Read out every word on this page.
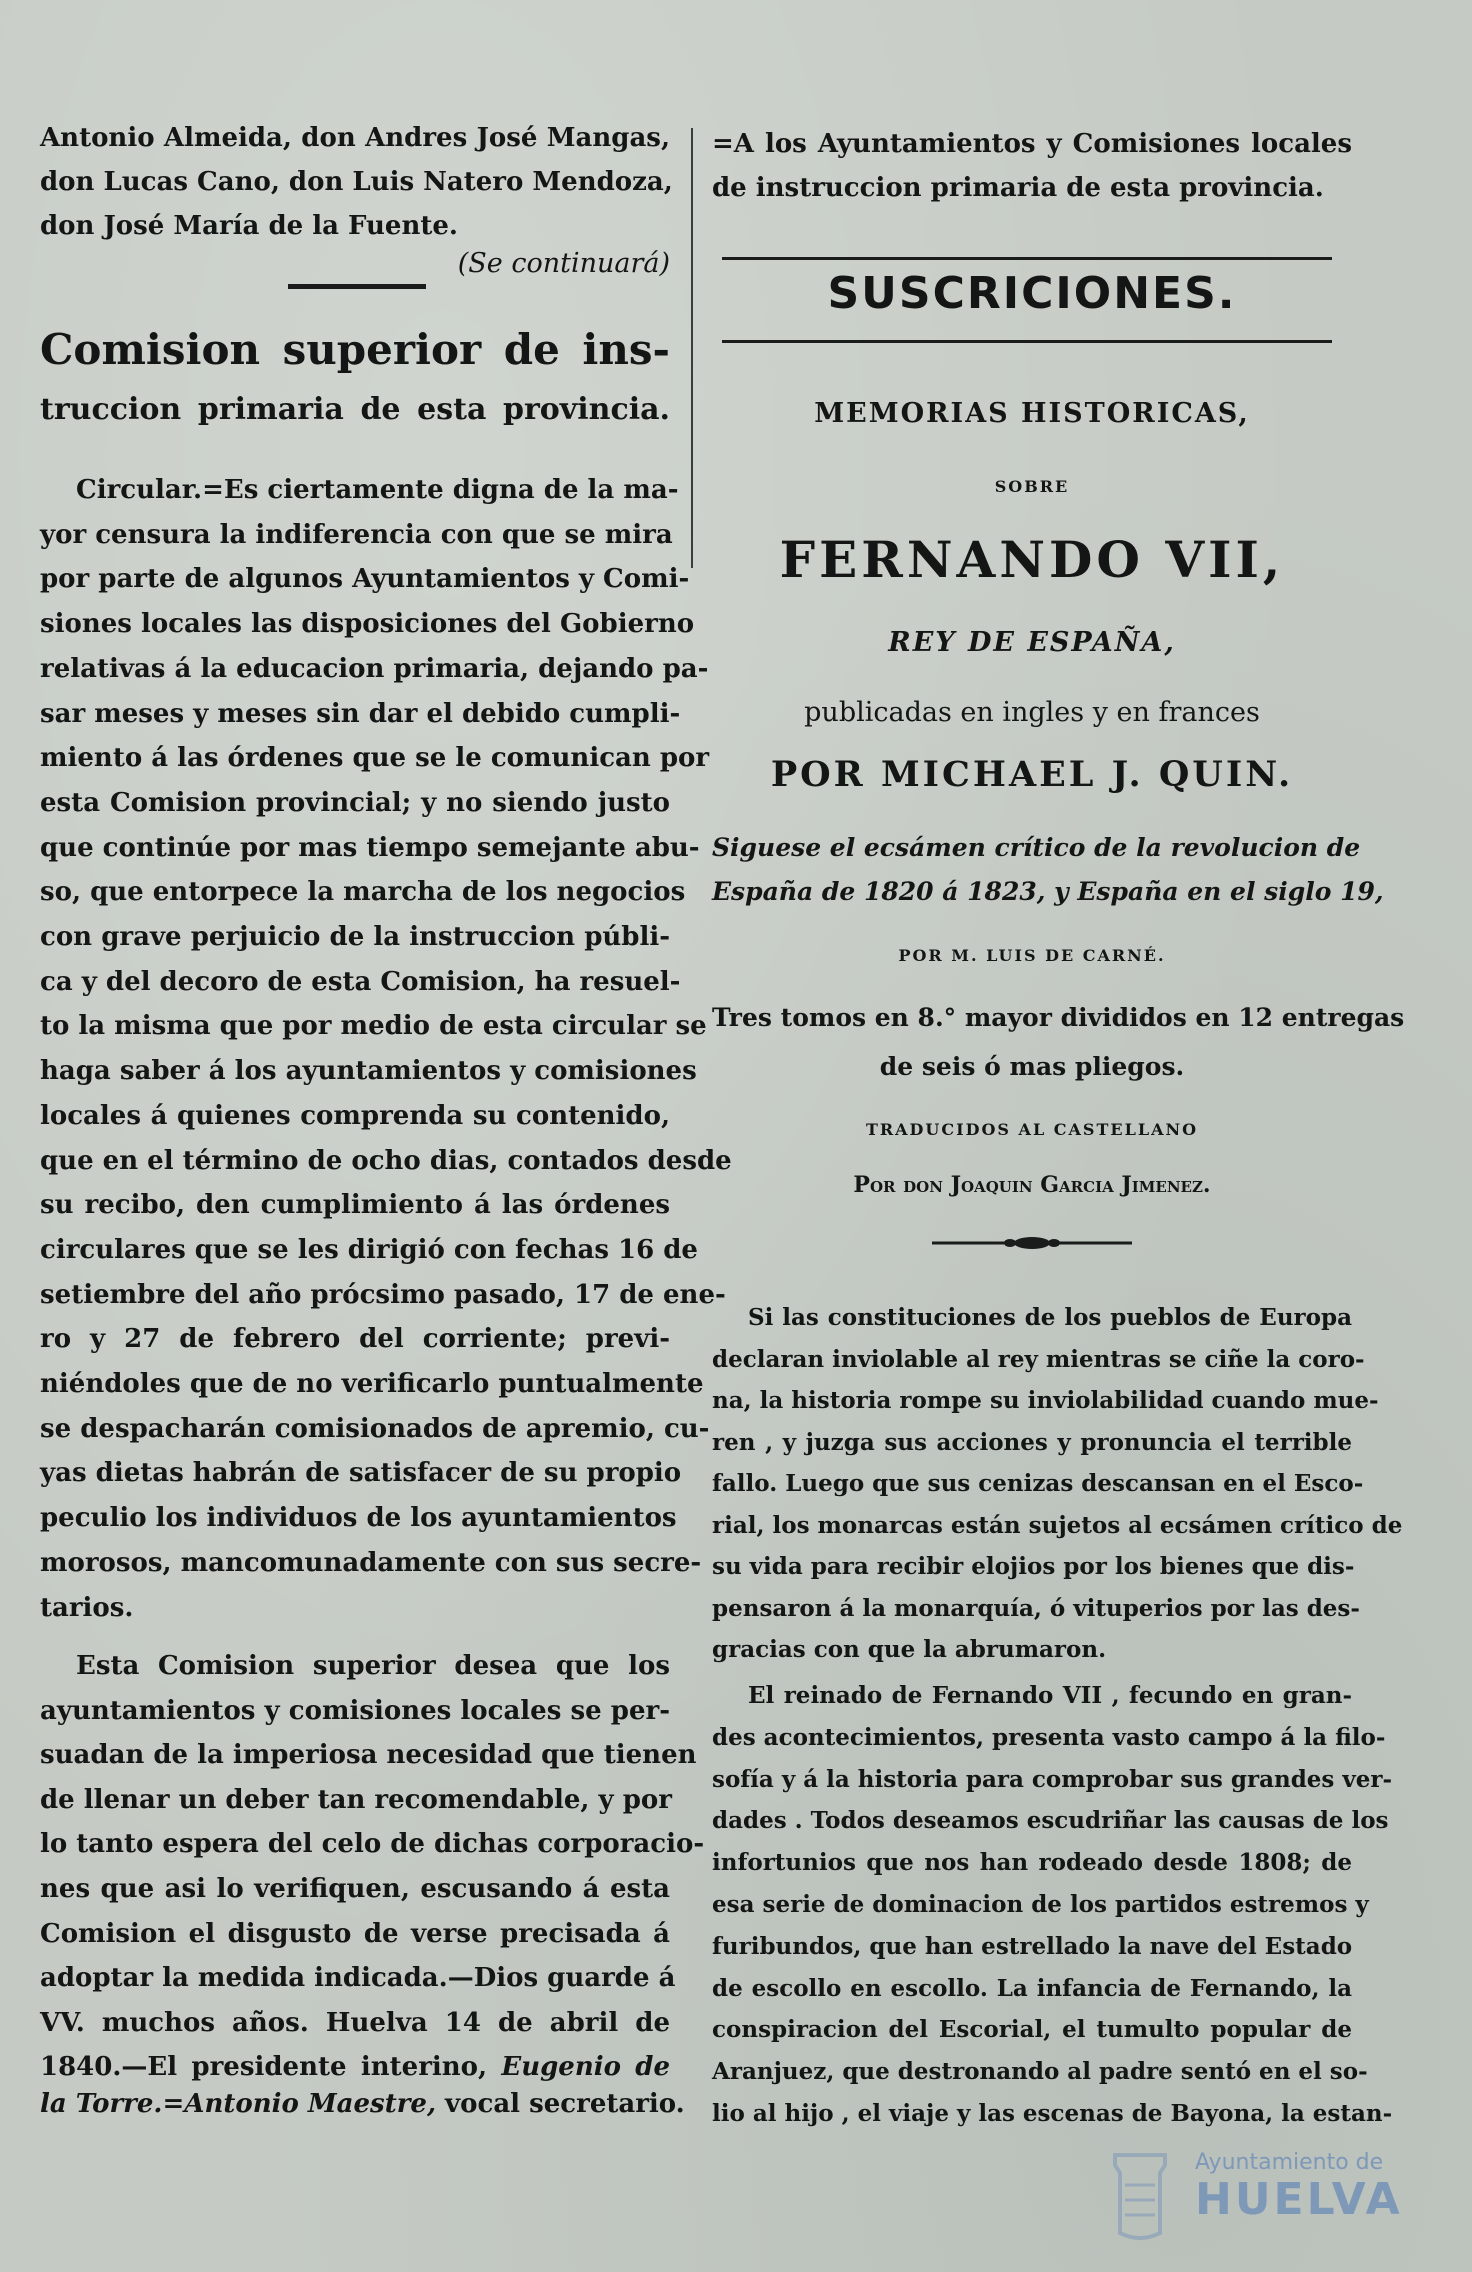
Antonio Almeida, don Andres José Mangas,
don Lucas Cano, don Luis Natero Mendoza,
don José María de la Fuente.
(Se continuará)
Comision superior de ins-
truccion primaria de esta provincia.
Circular.=Es ciertamente digna de la ma-
yor censura la indiferencia con que se mira
por parte de algunos Ayuntamientos y Comi-
siones locales las disposiciones del Gobierno
relativas á la educacion primaria, dejando pa-
sar meses y meses sin dar el debido cumpli-
miento á las órdenes que se le comunican por
esta Comision provincial; y no siendo justo
que continúe por mas tiempo semejante abu-
so, que entorpece la marcha de los negocios
con grave perjuicio de la instruccion públi-
ca y del decoro de esta Comision, ha resuel-
to la misma que por medio de esta circular se
haga saber á los ayuntamientos y comisiones
locales á quienes comprenda su contenido,
que en el término de ocho dias, contados desde
su recibo, den cumplimiento á las órdenes
circulares que se les dirigió con fechas 16 de
setiembre del año prócsimo pasado, 17 de ene-
ro y 27 de febrero del corriente; previ-
niéndoles que de no verificarlo puntualmente
se despacharán comisionados de apremio, cu-
yas dietas habrán de satisfacer de su propio
peculio los individuos de los ayuntamientos
morosos, mancomunadamente con sus secre-
tarios.
Esta Comision superior desea que los
ayuntamientos y comisiones locales se per-
suadan de la imperiosa necesidad que tienen
de llenar un deber tan recomendable, y por
lo tanto espera del celo de dichas corporacio-
nes que asi lo verifiquen, escusando á esta
Comision el disgusto de verse precisada á
adoptar la medida indicada.—Dios guarde á
VV. muchos años. Huelva 14 de abril de
1840.—El presidente interino, Eugenio de
la Torre.=Antonio Maestre, vocal secretario.
=A los Ayuntamientos y Comisiones locales
de instruccion primaria de esta provincia.
SUSCRICIONES.
MEMORIAS HISTORICAS,
SOBRE
FERNANDO VII,
REY DE ESPAÑA,
publicadas en ingles y en frances
POR MICHAEL J. QUIN.
Siguese el ecsámen crítico de la revolucion de
España de 1820 á 1823, y España en el siglo 19,
POR M. LUIS DE CARNÉ.
Tres tomos en 8.° mayor divididos en 12 entregas
de seis ó mas pliegos.
TRADUCIDOS AL CASTELLANO
Por don Joaquin Garcia Jimenez.
Si las constituciones de los pueblos de Europa
declaran inviolable al rey mientras se ciñe la coro-
na, la historia rompe su inviolabilidad cuando mue-
ren , y juzga sus acciones y pronuncia el terrible
fallo. Luego que sus cenizas descansan en el Esco-
rial, los monarcas están sujetos al ecsámen crítico de
su vida para recibir elojios por los bienes que dis-
pensaron á la monarquía, ó vituperios por las des-
gracias con que la abrumaron.
El reinado de Fernando VII , fecundo en gran-
des acontecimientos, presenta vasto campo á la filo-
sofía y á la historia para comprobar sus grandes ver-
dades . Todos deseamos escudriñar las causas de los
infortunios que nos han rodeado desde 1808; de
esa serie de dominacion de los partidos estremos y
furibundos, que han estrellado la nave del Estado
de escollo en escollo. La infancia de Fernando, la
conspiracion del Escorial, el tumulto popular de
Aranjuez, que destronando al padre sentó en el so-
lio al hijo , el viaje y las escenas de Bayona, la estan-
Ayuntamiento de
HUELVA
